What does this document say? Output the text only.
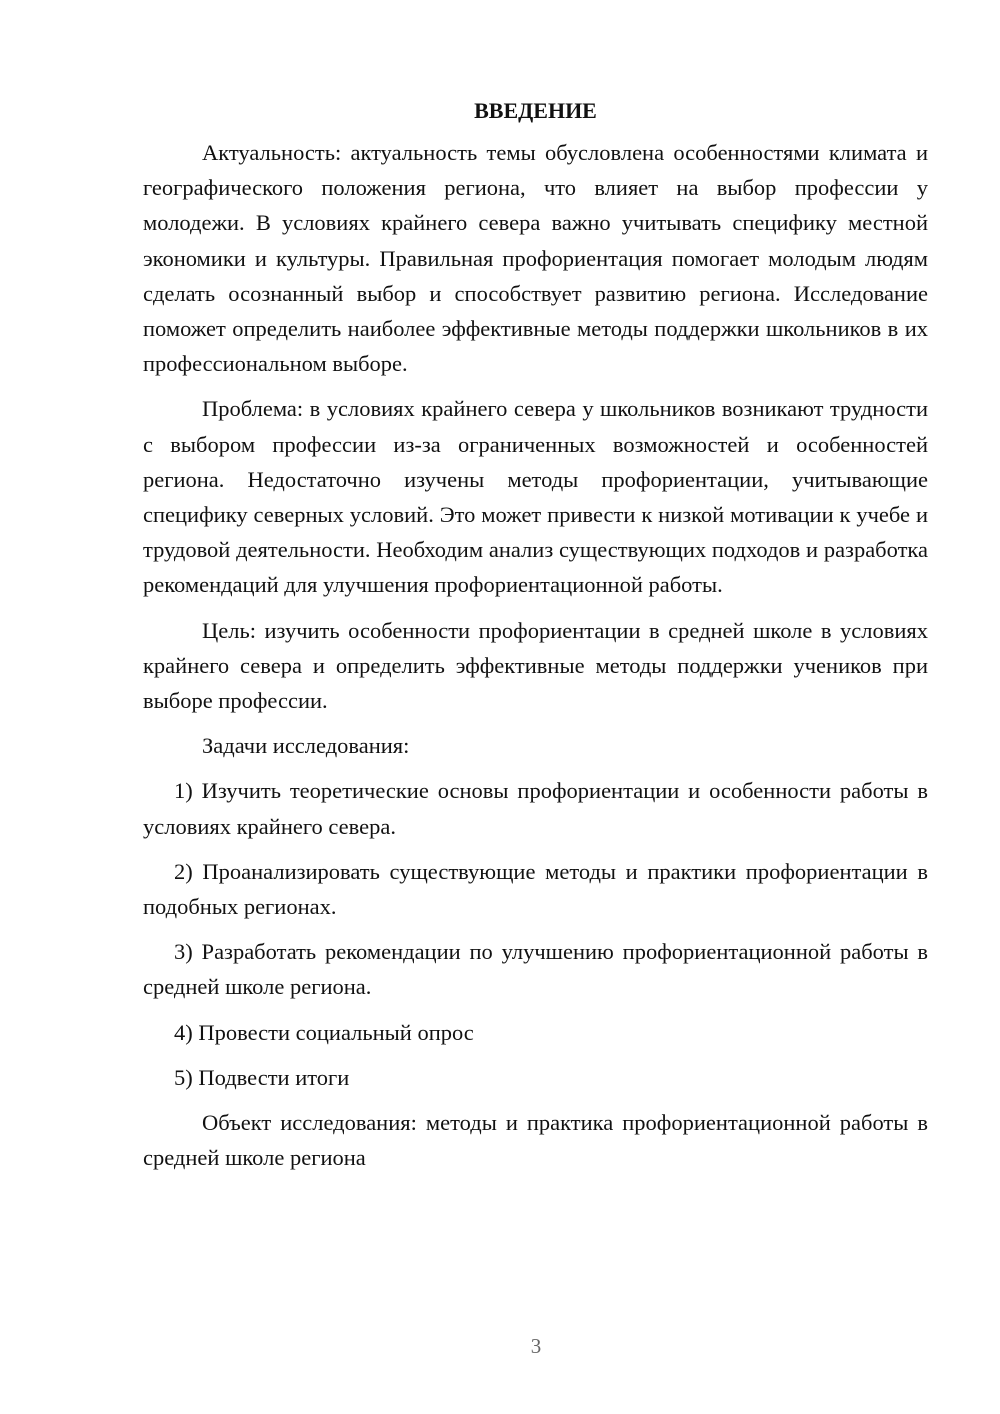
ВВЕДЕНИЕ

Актуальность: актуальность темы обусловлена особенностями климата и географического положения региона, что влияет на выбор профессии у молодежи. В условиях крайнего севера важно учитывать специфику местной экономики и культуры. Правильная профориентация помогает молодым людям сделать осознанный выбор и способствует развитию региона. Исследование поможет определить наиболее эффективные методы поддержки школьников в их профессиональном выборе.

Проблема: в условиях крайнего севера у школьников возникают трудности с выбором профессии из-за ограниченных возможностей и особенностей региона. Недостаточно изучены методы профориентации, учитывающие специфику северных условий. Это может привести к низкой мотивации к учебе и трудовой деятельности. Необходим анализ существующих подходов и разработка рекомендаций для улучшения профориентационной работы.

Цель: изучить особенности профориентации в средней школе в условиях крайнего севера и определить эффективные методы поддержки учеников при выборе профессии.

Задачи исследования:

1) Изучить теоретические основы профориентации и особенности работы в условиях крайнего севера.

2) Проанализировать существующие методы и практики профориентации в подобных регионах.

3) Разработать рекомендации по улучшению профориентационной работы в средней школе региона.

4) Провести социальный опрос

5) Подвести итоги

Объект исследования: методы и практика профориентационной работы в средней школе региона

3
